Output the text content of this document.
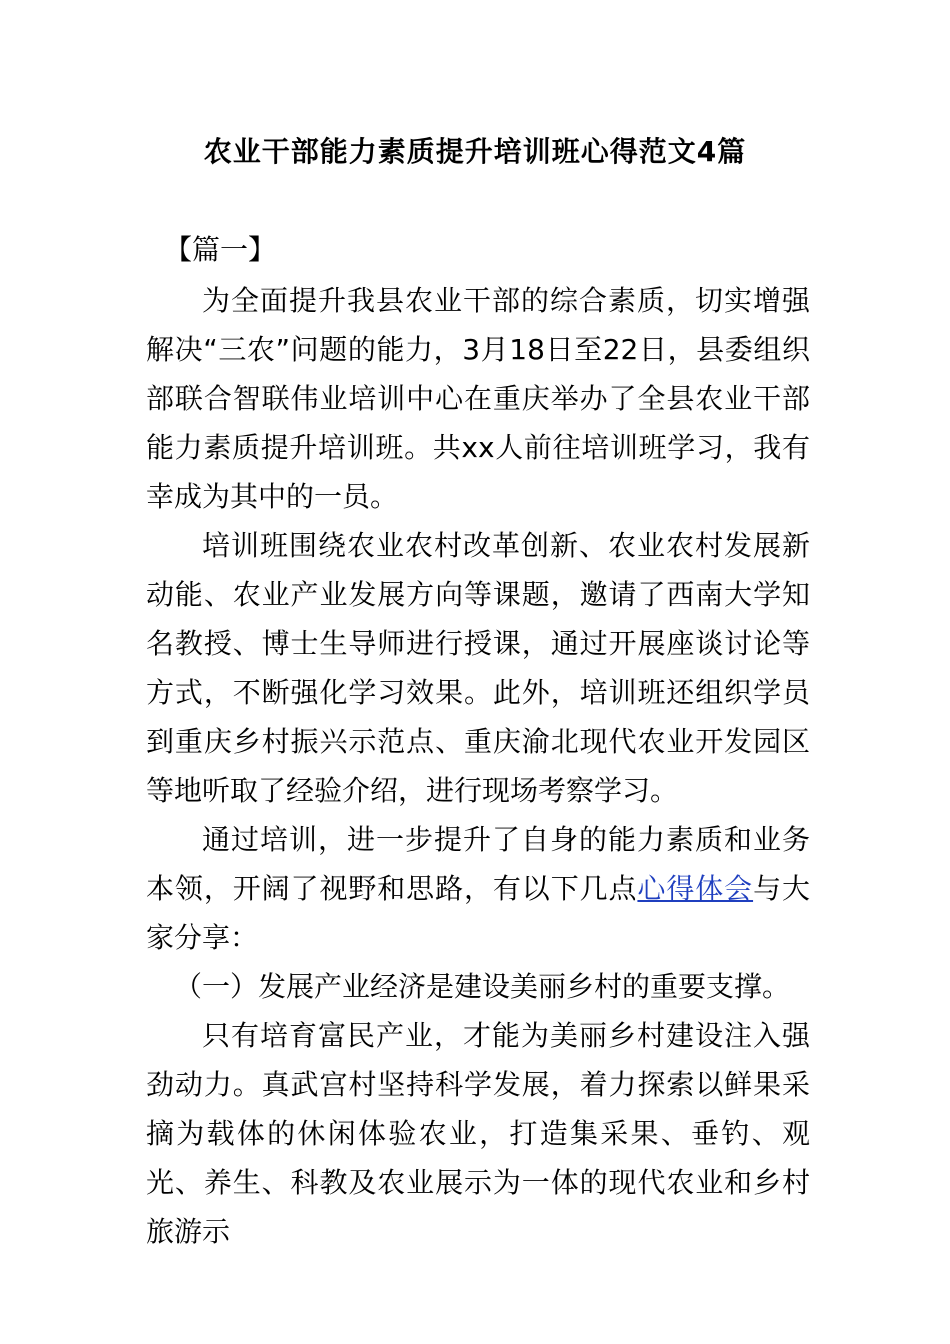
农业干部能力素质提升培训班心得范文4篇
【篇一】

为全面提升我县农业干部的综合素质，切实增强解决“三农”问题的能力，3月18日至22日，县委组织部联合智联伟业培训中心在重庆举办了全县农业干部能力素质提升培训班。共xx人前往培训班学习，我有幸成为其中的一员。

培训班围绕农业农村改革创新、农业农村发展新动能、农业产业发展方向等课题，邀请了西南大学知名教授、博士生导师进行授课，通过开展座谈讨论等方式，不断强化学习效果。此外，培训班还组织学员到重庆乡村振兴示范点、重庆渝北现代农业开发园区等地听取了经验介绍，进行现场考察学习。

通过培训，进一步提升了自身的能力素质和业务本领，开阔了视野和思路，有以下几点心得体会与大家分享：

（一）发展产业经济是建设美丽乡村的重要支撑。

只有培育富民产业，才能为美丽乡村建设注入强劲动力。真武宫村坚持科学发展，着力探索以鲜果采摘为载体的休闲体验农业，打造集采果、垂钓、观光、养生、科教及农业展示为一体的现代农业和乡村旅游示
